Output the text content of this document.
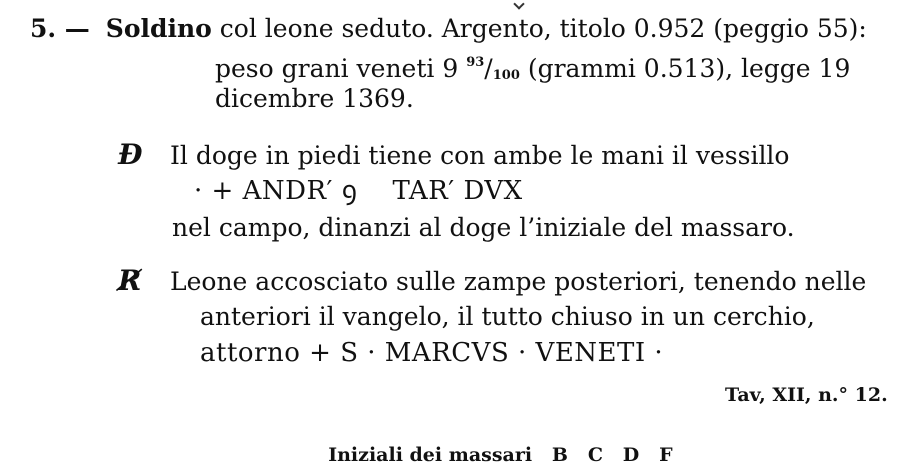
5. — Soldino col leone seduto. Argento, titolo 0.952 (peggio 55):
peso grani veneti 9 $^{93}$/100 (grammi 0.513), legge 19
dicembre 1369.
Ð Il doge in piedi tiene con ambe le mani il vessillo
· + ANDR′ ꝯ    TAR′ DVX
nel campo, dinanzi al doge l’iniziale del massaro.
R̸ Leone accosciato sulle zampe posteriori, tenendo nelle
anteriori il vangelo, il tutto chiuso in un cerchio,
attorno + S · MARCVS · VENETI ·
Tav, XII, n.° 12.

Iniziali dei massari   B   C   D   F
